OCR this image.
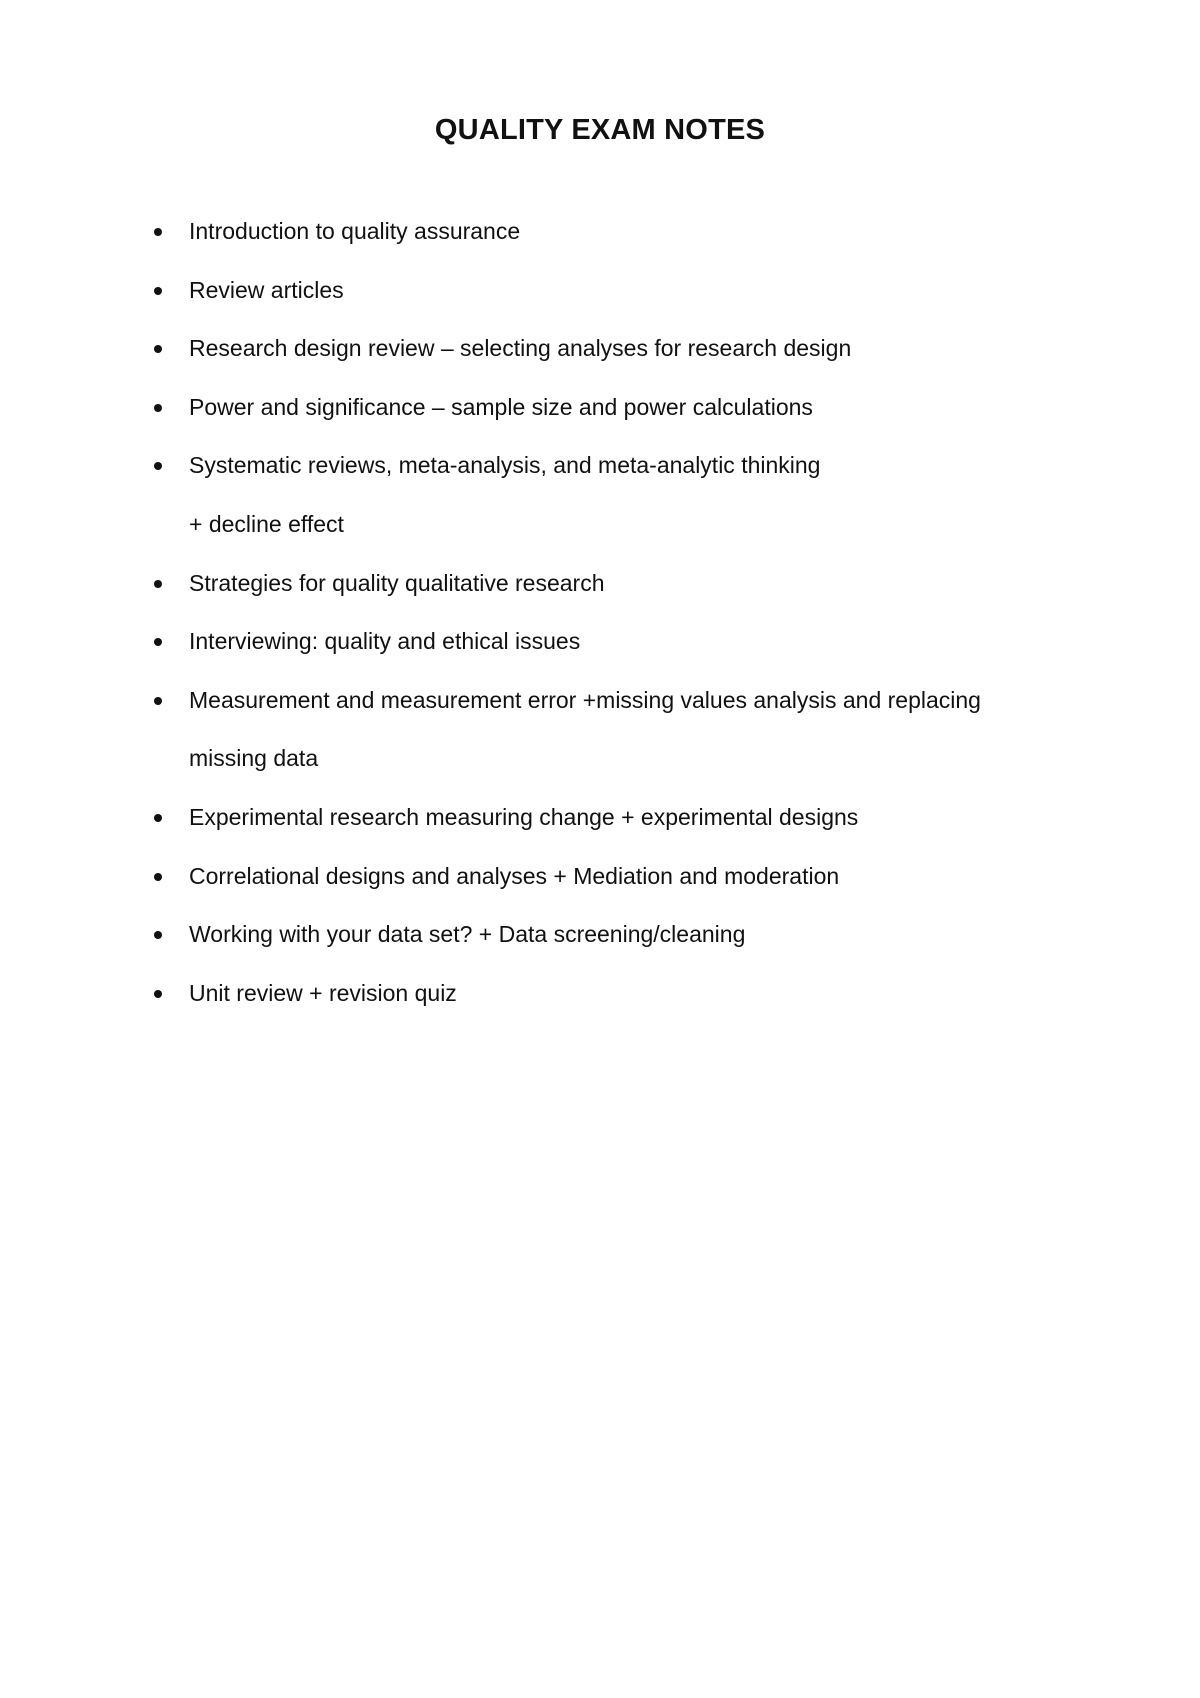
QUALITY EXAM NOTES
Introduction to quality assurance
Review articles
Research design review – selecting analyses for research design
Power and significance – sample size and power calculations
Systematic reviews, meta-analysis, and meta-analytic thinking
+ decline effect
Strategies for quality qualitative research
Interviewing: quality and ethical issues
Measurement and measurement error +missing values analysis and replacing
missing data
Experimental research measuring change + experimental designs
Correlational designs and analyses + Mediation and moderation
Working with your data set? + Data screening/cleaning
Unit review + revision quiz
